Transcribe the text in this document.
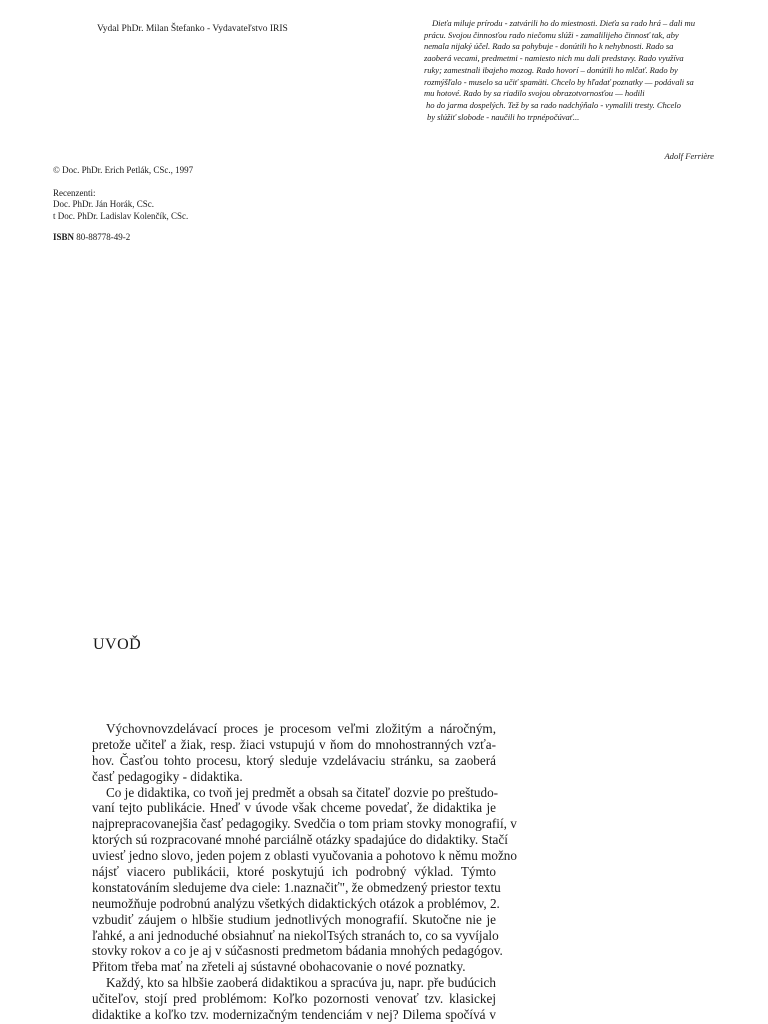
Vydal PhDr. Milan Štefanko - Vydavateľstvo IRIS
Dieťa miluje prírodu - zatvárili ho do miestnosti. Dieťa sa rado hrá – dali mu
prácu. Svojou činnosťou rado niečomu slúži - zamalilijeho činnosť tak, aby
nemala nijaký účel. Rado sa pohybuje - donútili ho k nehybnosti. Rado sa
zaoberá vecami, predmetmi - namiesto nich mu dali predstavy. Rado využíva
ruky; zamestnali ibajeho mozog. Rado hovorí – donútili ho mlčať. Rado by
rozmýšľalo - muselo sa učiť spamäti. Chcelo by hľadať poznatky — podávali sa
mu hotové. Rado by sa riadilo svojou obrazotvornosťou — hodili
ho do jarma dospelých. Tež by sa rado nadchýňalo - vymalili tresty. Chcelo
by slúžiť slobode - naučili ho trpnépočúvať...
Adolf Ferrière
© Doc. PhDr. Erich Petlák, CSc., 1997
Recenzenti:
Doc. PhDr. Ján Horák, CSc.
t Doc. PhDr. Ladislav Kolenčík, CSc.
ISBN 80-88778-49-2
UVOĎ
Výchovnovzdelávací proces je procesom veľmi zložitým a náročným,
pretože učiteľ a žiak, resp. žiaci vstupujú v ňom do mnohostranných vzťa-
hov. Časťou tohto procesu, ktorý sleduje vzdelávaciu stránku, sa zaoberá
časť pedagogiky - didaktika.
Co je didaktika, co tvoň jej predmět a obsah sa čitateľ dozvie po preštudo-
vaní tejto publikácie. Hneď v úvode však chceme povedať, že didaktika je
najprepracovanejšia časť pedagogiky. Svedčia o tom priam stovky monografií, v
ktorých sú rozpracované mnohé parciálně otázky spadajúce do didaktiky. Stačí
uviesť jedno slovo, jeden pojem z oblasti vyučovania a pohotovo k němu možno
nájsť viacero publikácii, ktoré poskytujú ich podrobný výklad. Týmto
konstatováním sledujeme dva ciele: 1.naznačiť", že obmedzený priestor textu
neumožňuje podrobnú analýzu všetkých didaktických otázok a problémov, 2.
vzbudiť záujem o hlbšie studium jednotlivých monografií. Skutočne nie je
ľahké, a ani jednoduché obsiahnuť na niekolTsých stranách to, co sa vyvíjalo
stovky rokov a co je aj v súčasnosti predmetom bádania mnohých pedagógov.
Přitom třeba mať na zřeteli aj sústavné obohacovanie o nové poznatky.
Každý, kto sa hlbšie zaoberá didaktikou a spracúva ju, napr. pře budúcich
učiteľov, stojí pred problémom: Koľko pozornosti venovať tzv. klasickej
didaktike a koľko tzv. modernizačným tendenciám v nej? Dilema spočívá v
